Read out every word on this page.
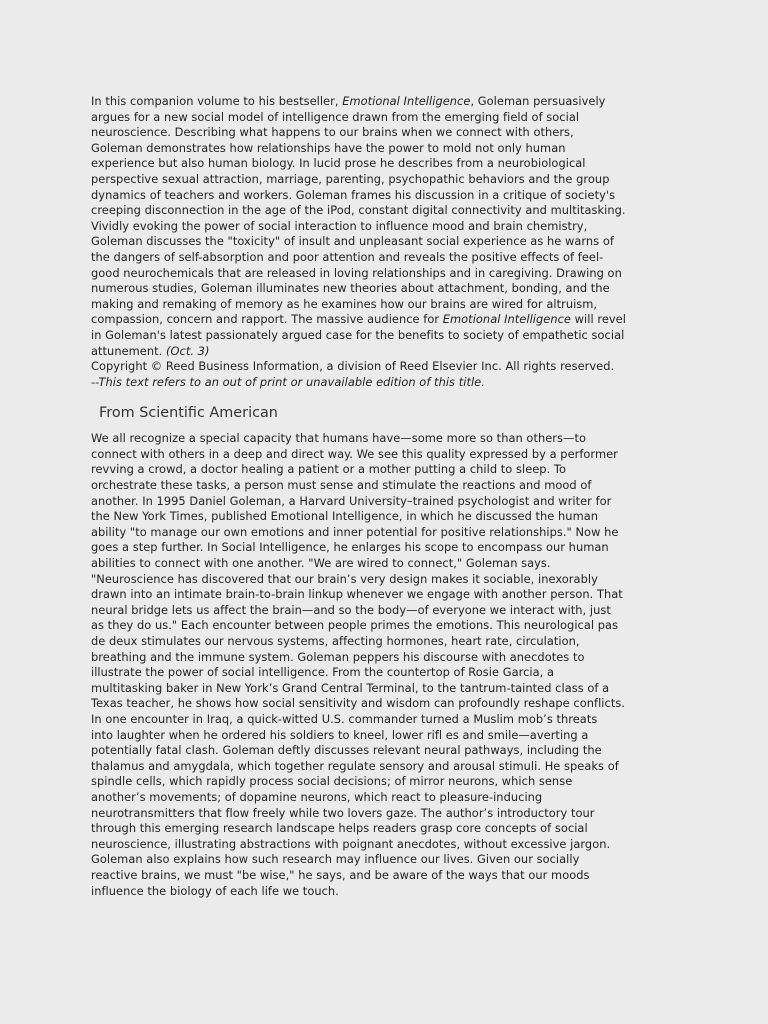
In this companion volume to his bestseller, Emotional Intelligence, Goleman persuasively
argues for a new social model of intelligence drawn from the emerging field of social
neuroscience. Describing what happens to our brains when we connect with others,
Goleman demonstrates how relationships have the power to mold not only human
experience but also human biology. In lucid prose he describes from a neurobiological
perspective sexual attraction, marriage, parenting, psychopathic behaviors and the group
dynamics of teachers and workers. Goleman frames his discussion in a critique of society's
creeping disconnection in the age of the iPod, constant digital connectivity and multitasking.
Vividly evoking the power of social interaction to influence mood and brain chemistry,
Goleman discusses the "toxicity" of insult and unpleasant social experience as he warns of
the dangers of self-absorption and poor attention and reveals the positive effects of feel-
good neurochemicals that are released in loving relationships and in caregiving. Drawing on
numerous studies, Goleman illuminates new theories about attachment, bonding, and the
making and remaking of memory as he examines how our brains are wired for altruism,
compassion, concern and rapport. The massive audience for Emotional Intelligence will revel
in Goleman's latest passionately argued case for the benefits to society of empathetic social
attunement. (Oct. 3)
Copyright © Reed Business Information, a division of Reed Elsevier Inc. All rights reserved.
--This text refers to an out of print or unavailable edition of this title.
From Scientific American
We all recognize a special capacity that humans have—some more so than others—to
connect with others in a deep and direct way. We see this quality expressed by a performer
revving a crowd, a doctor healing a patient or a mother putting a child to sleep. To
orchestrate these tasks, a person must sense and stimulate the reactions and mood of
another. In 1995 Daniel Goleman, a Harvard University–trained psychologist and writer for
the New York Times, published Emotional Intelligence, in which he discussed the human
ability "to manage our own emotions and inner potential for positive relationships." Now he
goes a step further. In Social Intelligence, he enlarges his scope to encompass our human
abilities to connect with one another. "We are wired to connect," Goleman says.
"Neuroscience has discovered that our brain’s very design makes it sociable, inexorably
drawn into an intimate brain-to-brain linkup whenever we engage with another person. That
neural bridge lets us affect the brain—and so the body—of everyone we interact with, just
as they do us." Each encounter between people primes the emotions. This neurological pas
de deux stimulates our nervous systems, affecting hormones, heart rate, circulation,
breathing and the immune system. Goleman peppers his discourse with anecdotes to
illustrate the power of social intelligence. From the countertop of Rosie Garcia, a
multitasking baker in New York’s Grand Central Terminal, to the tantrum-tainted class of a
Texas teacher, he shows how social sensitivity and wisdom can profoundly reshape conflicts.
In one encounter in Iraq, a quick-witted U.S. commander turned a Muslim mob’s threats
into laughter when he ordered his soldiers to kneel, lower rifl es and smile—averting a
potentially fatal clash. Goleman deftly discusses relevant neural pathways, including the
thalamus and amygdala, which together regulate sensory and arousal stimuli. He speaks of
spindle cells, which rapidly process social decisions; of mirror neurons, which sense
another’s movements; of dopamine neurons, which react to pleasure-inducing
neurotransmitters that flow freely while two lovers gaze. The author’s introductory tour
through this emerging research landscape helps readers grasp core concepts of social
neuroscience, illustrating abstractions with poignant anecdotes, without excessive jargon.
Goleman also explains how such research may influence our lives. Given our socially
reactive brains, we must "be wise," he says, and be aware of the ways that our moods
influence the biology of each life we touch.
